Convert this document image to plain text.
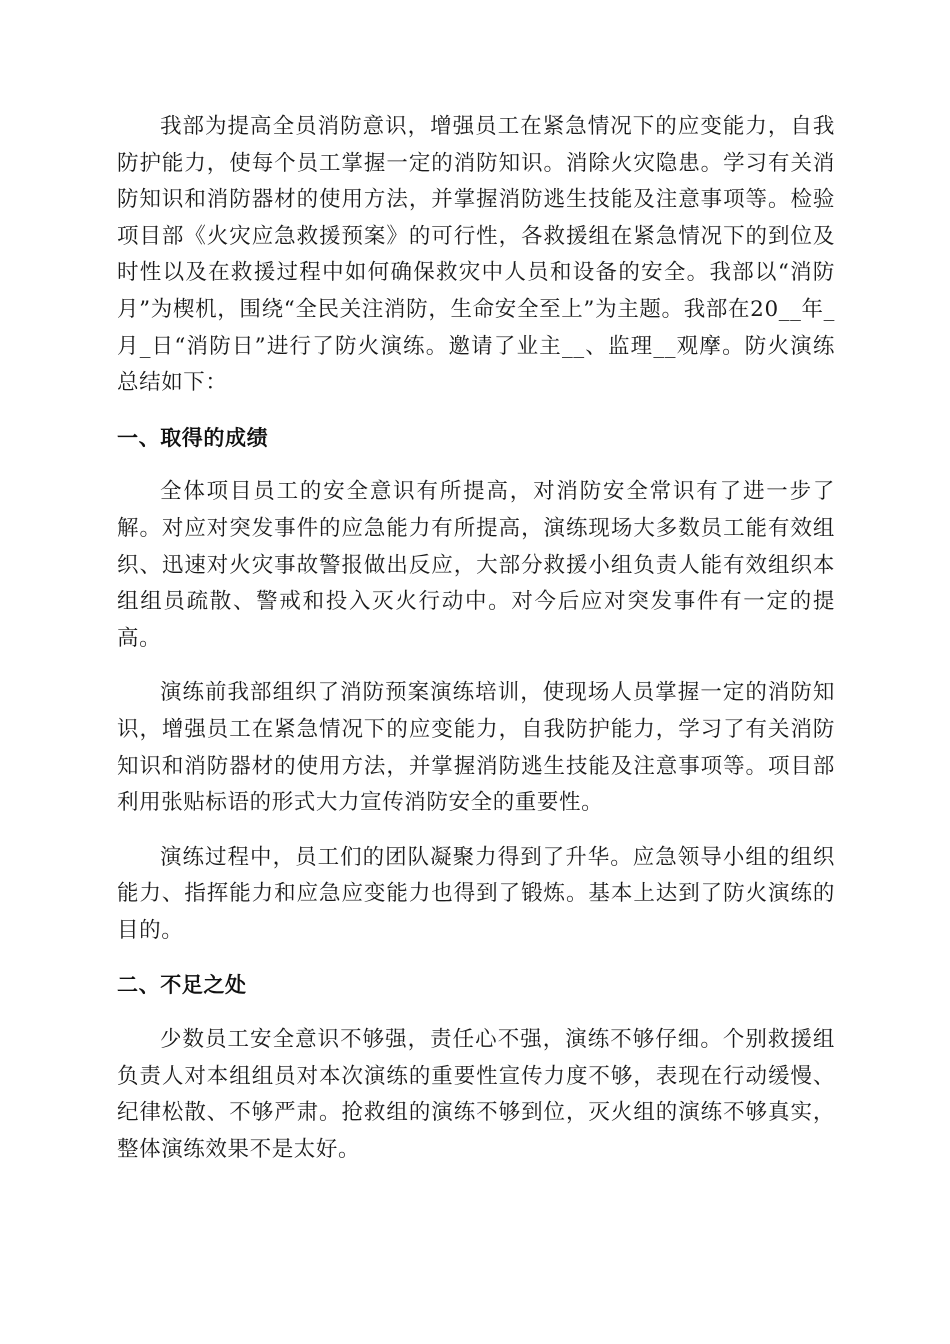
我部为提高全员消防意识，增强员工在紧急情况下的应变能力，自我防护能力，使每个员工掌握一定的消防知识。消除火灾隐患。学习有关消防知识和消防器材的使用方法，并掌握消防逃生技能及注意事项等。检验项目部《火灾应急救援预案》的可行性，各救援组在紧急情况下的到位及时性以及在救援过程中如何确保救灾中人员和设备的安全。我部以“消防月”为楔机，围绕“全民关注消防，生命安全至上”为主题。我部在20__年_月_日“消防日”进行了防火演练。邀请了业主__、监理__观摩。防火演练总结如下：

一、取得的成绩

全体项目员工的安全意识有所提高，对消防安全常识有了进一步了解。对应对突发事件的应急能力有所提高，演练现场大多数员工能有效组织、迅速对火灾事故警报做出反应，大部分救援小组负责人能有效组织本组组员疏散、警戒和投入灭火行动中。对今后应对突发事件有一定的提高。

演练前我部组织了消防预案演练培训，使现场人员掌握一定的消防知识，增强员工在紧急情况下的应变能力，自我防护能力，学习了有关消防知识和消防器材的使用方法，并掌握消防逃生技能及注意事项等。项目部利用张贴标语的形式大力宣传消防安全的重要性。

演练过程中，员工们的团队凝聚力得到了升华。应急领导小组的组织能力、指挥能力和应急应变能力也得到了锻炼。基本上达到了防火演练的目的。

二、不足之处

少数员工安全意识不够强，责任心不强，演练不够仔细。个别救援组负责人对本组组员对本次演练的重要性宣传力度不够，表现在行动缓慢、纪律松散、不够严肃。抢救组的演练不够到位，灭火组的演练不够真实，整体演练效果不是太好。
